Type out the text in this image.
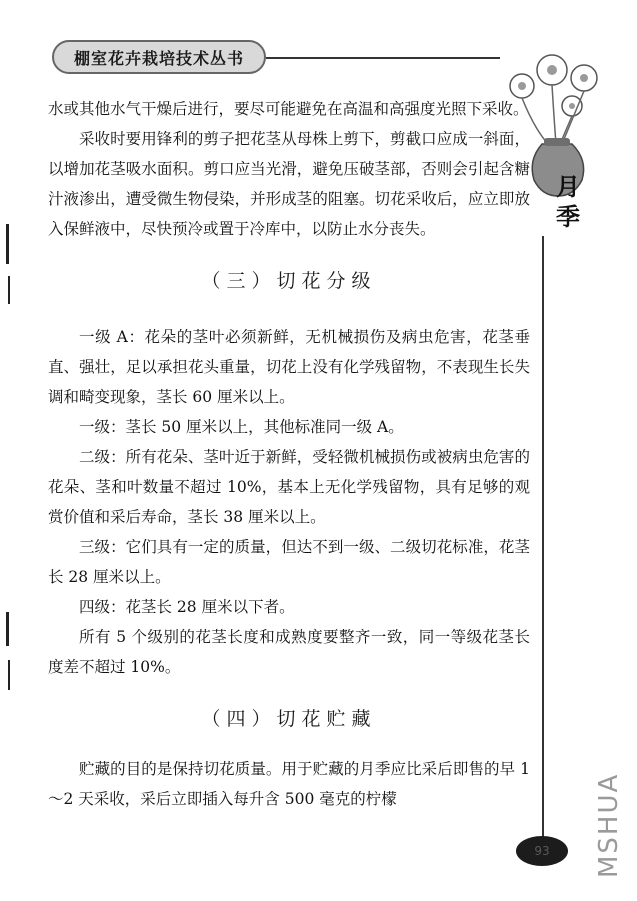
棚室花卉栽培技术丛书
月季

水或其他水气干燥后进行，要尽可能避免在高温和高强度光照下采收。

采收时要用锋利的剪子把花茎从母株上剪下，剪截口应成一斜面，以增加花茎吸水面积。剪口应当光滑，避免压破茎部，否则会引起含糖汁液渗出，遭受微生物侵染，并形成茎的阻塞。切花采收后，应立即放入保鲜液中，尽快预冷或置于冷库中，以防止水分丧失。

（三）切花分级

一级 A：花朵的茎叶必须新鲜，无机械损伤及病虫危害，花茎垂直、强壮，足以承担花头重量，切花上没有化学残留物，不表现生长失调和畸变现象，茎长 60 厘米以上。

一级：茎长 50 厘米以上，其他标准同一级 A。

二级：所有花朵、茎叶近于新鲜，受轻微机械损伤或被病虫危害的花朵、茎和叶数量不超过 10%，基本上无化学残留物，具有足够的观赏价值和采后寿命，茎长 38 厘米以上。

三级：它们具有一定的质量，但达不到一级、二级切花标准，花茎长 28 厘米以上。

四级：花茎长 28 厘米以下者。

所有 5 个级别的花茎长度和成熟度要整齐一致，同一等级花茎长度差不超过 10%。

（四）切花贮藏

贮藏的目的是保持切花质量。用于贮藏的月季应比采后即售的早 1～2 天采收，采后立即插入每升含 500 毫克的柠檬

93 MSHUA
